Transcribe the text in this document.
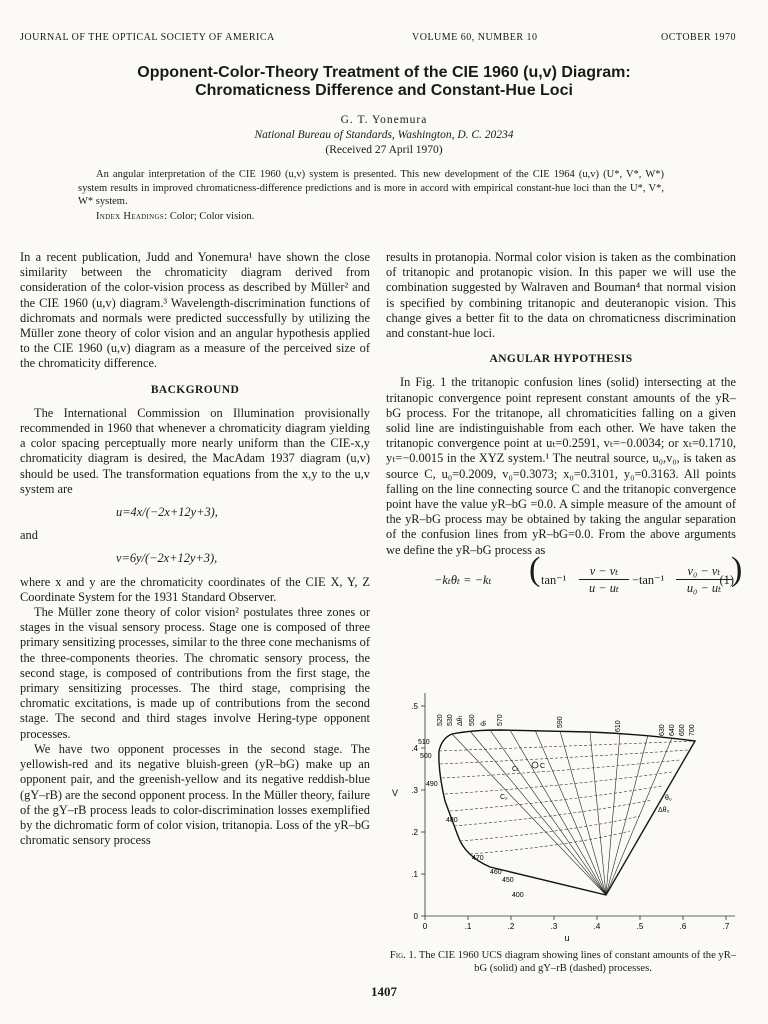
JOURNAL OF THE OPTICAL SOCIETY OF AMERICA	VOLUME 60, NUMBER 10	OCTOBER 1970
Opponent-Color-Theory Treatment of the CIE 1960 (u,v) Diagram:
Chromaticness Difference and Constant-Hue Loci
G. T. Yonemura
National Bureau of Standards, Washington, D. C. 20234
(Received 27 April 1970)
An angular interpretation of the CIE 1960 (u,v) system is presented. This new development of the CIE 1964 (u,v) (U*, V*, W*) system results in improved chromaticness-difference predictions and is more in accord with empirical constant-hue loci than the U*, V*, W* system.
Index Headings: Color; Color vision.

In a recent publication, Judd and Yonemura¹ have shown the close similarity between the chromaticity diagram derived from consideration of the color-vision process as described by Müller² and the CIE 1960 (u,v) diagram.³ Wavelength-discrimination functions of dichromats and normals were predicted successfully by utilizing the Müller zone theory of color vision and an angular hypothesis applied to the CIE 1960 (u,v) diagram as a measure of the perceived size of the chromaticity difference.

BACKGROUND

The International Commission on Illumination provisionally recommended in 1960 that whenever a chromaticity diagram yielding a color spacing perceptually more nearly uniform than the CIE-x,y chromaticity diagram is desired, the MacAdam 1937 diagram (u,v) should be used. The transformation equations from the x,y to the u,v system are

u=4x/(−2x+12y+3),

and

v=6y/(−2x+12y+3),

where x and y are the chromaticity coordinates of the CIE X, Y, Z Coordinate System for the 1931 Standard Observer.

The Müller zone theory of color vision² postulates three zones or stages in the visual sensory process. Stage one is composed of three primary sensitizing processes, similar to the three cone mechanisms of the three-components theories. The chromatic sensory process, the second stage, is composed of contributions from the first stage, the primary sensitizing processes. The third stage, comprising the chromatic excitations, is made up of contributions from the second stage. The second and third stages involve Hering-type opponent processes.

We have two opponent processes in the second stage. The yellowish-red and its negative bluish-green (yR–bG) make up an opponent pair, and the greenish-yellow and its negative reddish-blue (gY–rB) are the second opponent process. In the Müller theory, failure of the gY–rB process leads to color-discrimination losses exemplified by the dichromatic form of color vision, tritanopia. Loss of the yR–bG chromatic sensory process

results in protanopia. Normal color vision is taken as the combination of tritanopic and protanopic vision. In this paper we will use the combination suggested by Walraven and Bouman⁴ that normal vision is specified by combining tritanopic and deuteranopic vision. This change gives a better fit to the data on chromaticness discrimination and constant-hue loci.

ANGULAR HYPOTHESIS

In Fig. 1 the tritanopic confusion lines (solid) intersecting at the tritanopic convergence point represent constant amounts of the yR–bG process. For the tritanope, all chromaticities falling on a given solid line are indistinguishable from each other. We have taken the tritanopic convergence point at uₜ=0.2591, vₜ=−0.0034; or xₜ=0.1710, yₜ=−0.0015 in the XYZ system.¹ The neutral source, u₀,v₀, is taken as source C, u₀=0.2009, v₀=0.3073; x₀=0.3101, y₀=0.3163. All points falling on the line connecting source C and the tritanopic convergence point have the value yR–bG =0.0. A simple measure of the amount of the yR–bG process may be obtained by taking the angular separation of the confusion lines from yR–bG=0.0. From the above arguments we define the yR–bG process as

−kₜθₜ = −kₜ ( tan⁻¹
v − vₜ
u − uₜ
−tan⁻¹
v₀ − vₜ
u₀ − uₜ )
(1)
0	.1	.2	.3	.4	.5	.6	.7
0
.1
.2
.3
.4
.5
u
V
C
Cₜ
C₂	θ₀
Δθ₀
510
500
490
480
470
460
450
400
520 530 Δθₜ 550 θₜ 570	590	610	630 640 650 700
Fig. 1. The CIE 1960 UCS diagram showing lines of constant amounts of the yR–bG (solid) and gY–rB (dashed) processes.
1407
